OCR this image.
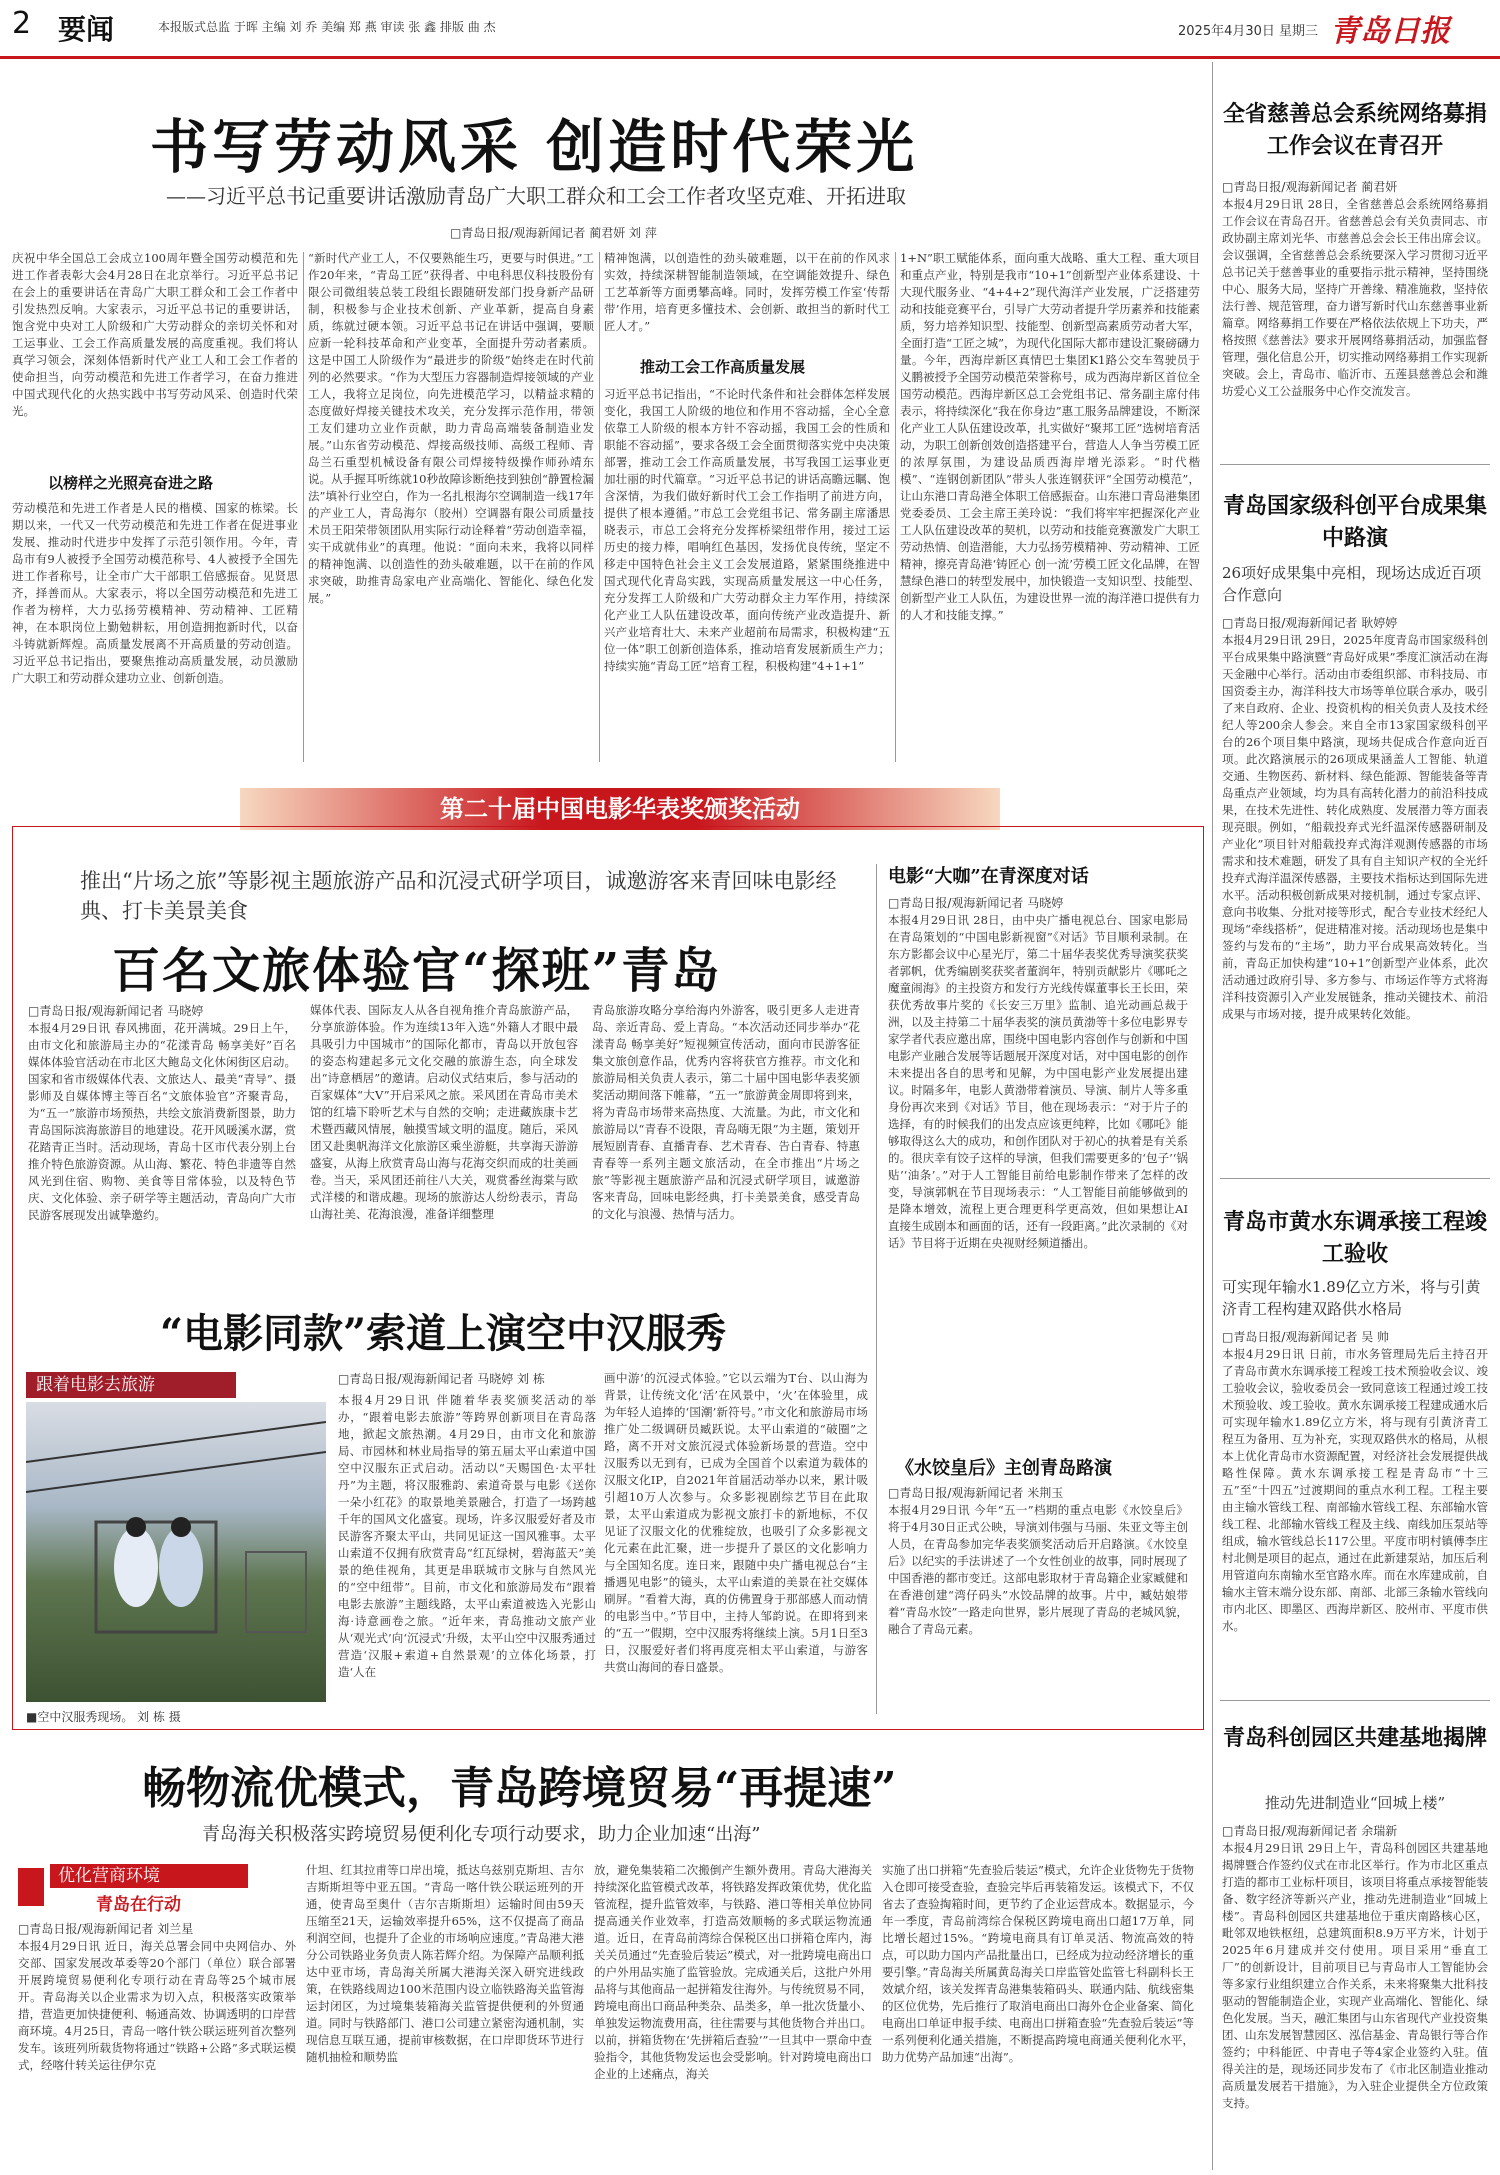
2 要闻	本报版式总监 于晖 主编 刘 乔 美编 郑 燕 审读 张 鑫 排版 曲 杰	2025年4月30日 星期三 青岛日报
书写劳动风采 创造时代荣光
——习近平总书记重要讲话激励青岛广大职工群众和工会工作者攻坚克难、开拓进取
□青岛日报/观海新闻记者 蔺君妍 刘 萍
庆祝中华全国总工会成立100周年暨全国劳动模范和先进工作者表彰大会4月28日在北京举行。习近平总书记在会上的重要讲话在青岛广大职工群众和工会工作者中引发热烈反响。大家表示，习近平总书记的重要讲话，饱含党中央对工人阶级和广大劳动群众的亲切关怀和对工运事业、工会工作高质量发展的高度重视。我们将认真学习领会，深刻体悟新时代产业工人和工会工作者的使命担当，向劳动模范和先进工作者学习，在奋力推进中国式现代化的火热实践中书写劳动风采、创造时代荣光。
以榜样之光照亮奋进之路
劳动模范和先进工作者是人民的楷模、国家的栋梁。长期以来，一代又一代劳动模范和先进工作者在促进事业发展、推动时代进步中发挥了示范引领作用。今年，青岛市有9人被授予全国劳动模范称号、4人被授予全国先进工作者称号，让全市广大干部职工倍感振奋。见贤思齐，择善而从。大家表示，将以全国劳动模范和先进工作者为榜样，大力弘扬劳模精神、劳动精神、工匠精神，在本职岗位上勤勉耕耘，用创造拥抱新时代，以奋斗铸就新辉煌。高质量发展离不开高质量的劳动创造。习近平总书记指出，要聚焦推动高质量发展，动员激励广大职工和劳动群众建功立业、创新创造。
“新时代产业工人，不仅要熟能生巧，更要与时俱进。”工作20年来，“青岛工匠”获得者、中电科思仪科技股份有限公司微组装总装工段组长跟随研发部门投身新产品研制，积极参与企业技术创新、产业革新，提高自身素质，练就过硬本领。习近平总书记在讲话中强调，要顺应新一轮科技革命和产业变革，全面提升劳动者素质。这是中国工人阶级作为“最进步的阶级”始终走在时代前列的必然要求。“作为大型压力容器制造焊接领域的产业工人，我将立足岗位，向先进模范学习，以精益求精的态度做好焊接关键技术攻关，充分发挥示范作用，带领工友们建功立业作贡献，助力青岛高端装备制造业发展。”山东省劳动模范、焊接高级技师、高级工程师、青岛兰石重型机械设备有限公司焊接特级操作师孙靖东说。从手握耳听练就10秒故障诊断绝技到独创“静置检漏法”填补行业空白，作为一名扎根海尔空调制造一线17年的产业工人，青岛海尔（胶州）空调器有限公司质量技术员王阳荣带领团队用实际行动诠释着“劳动创造幸福，实干成就伟业”的真理。他说：“面向未来，我将以同样的精神饱满、以创造性的劲头破难题，以干在前的作风求突破，助推青岛家电产业高端化、智能化、绿色化发展。”
精神饱满，以创造性的劲头破难题，以干在前的作风求实效，持续深耕智能制造领域，在空调能效提升、绿色工艺革新等方面勇攀高峰。同时，发挥劳模工作室‘传帮带’作用，培育更多懂技术、会创新、敢担当的新时代工匠人才。”
推动工会工作高质量发展
习近平总书记指出，“不论时代条件和社会群体怎样发展变化，我国工人阶级的地位和作用不容动摇，全心全意依靠工人阶级的根本方针不容动摇，我国工会的性质和职能不容动摇”，要求各级工会全面贯彻落实党中央决策部署，推动工会工作高质量发展，书写我国工运事业更加壮丽的时代篇章。“习近平总书记的讲话高瞻远瞩、饱含深情，为我们做好新时代工会工作指明了前进方向，提供了根本遵循。”市总工会党组书记、常务副主席潘思晓表示，市总工会将充分发挥桥梁纽带作用，接过工运历史的接力棒，唱响红色基因，发扬优良传统，坚定不移走中国特色社会主义工会发展道路，紧紧围绕推进中国式现代化青岛实践，实现高质量发展这一中心任务，充分发挥工人阶级和广大劳动群众主力军作用，持续深化产业工人队伍建设改革，面向传统产业改造提升、新兴产业培育壮大、未来产业超前布局需求，积极构建“五位一体”职工创新创造体系，推动培育发展新质生产力；持续实施“青岛工匠”培育工程，积极构建“4+1+1”
1+N”职工赋能体系，面向重大战略、重大工程、重大项目和重点产业，特别是我市“10+1”创新型产业体系建设、十大现代服务业、“4+4+2”现代海洋产业发展，广泛搭建劳动和技能竞赛平台，引导广大劳动者提升学历素养和技能素质，努力培养知识型、技能型、创新型高素质劳动者大军，全面打造“工匠之城”，为现代化国际大都市建设汇聚磅礴力量。今年，西海岸新区真情巴士集团K1路公交车驾驶员于义鹏被授予全国劳动模范荣誉称号，成为西海岸新区首位全国劳动模范。西海岸新区总工会党组书记、常务副主席付伟表示，将持续深化“我在你身边”惠工服务品牌建设，不断深化产业工人队伍建设改革，扎实做好“聚邦工匠”选树培育活动，为职工创新创效创造搭建平台，营造人人争当劳模工匠的浓厚氛围，为建设品质西海岸增光添彩。“时代楷模”、“连钢创新团队”带头人张连钢获评“全国劳动模范”，让山东港口青岛港全体职工倍感振奋。山东港口青岛港集团党委委员、工会主席王美玲说：“我们将牢牢把握深化产业工人队伍建设改革的契机，以劳动和技能竞赛激发广大职工劳动热情、创造潜能，大力弘扬劳模精神、劳动精神、工匠精神，擦亮青岛港‘铸匠心 创一流’劳模工匠文化品牌，在智慧绿色港口的转型发展中，加快锻造一支知识型、技能型、创新型产业工人队伍，为建设世界一流的海洋港口提供有力的人才和技能支撑。”
第二十届中国电影华表奖颁奖活动
推出“片场之旅”等影视主题旅游产品和沉浸式研学项目，诚邀游客来青回味电影经典、打卡美景美食
百名文旅体验官“探班”青岛
□青岛日报/观海新闻记者 马晓婷
本报4月29日讯 春风拂面，花开满城。29日上午，由市文化和旅游局主办的“花漾青岛 畅享美好”百名媒体体验官活动在市北区大鲍岛文化休闲街区启动。国家和省市级媒体代表、文旅达人、最美“青导”、摄影师及自媒体博主等百名“文旅体验官”齐聚青岛，为“五一”旅游市场预热，共绘文旅消费新图景，助力青岛国际滨海旅游目的地建设。花开风暖溪水潺，赏花踏青正当时。活动现场，青岛十区市代表分别上台推介特色旅游资源。从山海、繁花、特色非遗等自然风光到住宿、购物、美食等目常体验，以及特色节庆、文化体验、亲子研学等主题活动，青岛向广大市民游客展现发出诚挚邀约。
媒体代表、国际友人从各自视角推介青岛旅游产品，分享旅游体验。作为连续13年入选“外籍人才眼中最具吸引力中国城市”的国际化都市，青岛以开放包容的姿态构建起多元文化交融的旅游生态，向全球发出“诗意栖居”的邀请。启动仪式结束后，参与活动的百家媒体“大V”开启采风之旅。采风团在青岛市美术馆的红墙下聆听艺术与自然的交响；走进藏族康卡艺术暨西藏风情展，触摸雪域文明的温度。随后，采风团又赴奥帆海洋文化旅游区乘坐游艇，共享海天游游盛宴，从海上欣赏青岛山海与花海交织而成的壮美画卷。当天，采风团还前往八大关，观赏番丝海棠与欧式洋楼的和谐成趣。现场的旅游达人纷纷表示，青岛山海社美、花海浪漫，准备详细整理
青岛旅游攻略分享给海内外游客，吸引更多人走进青岛、亲近青岛、爱上青岛。“本次活动还同步举办“花漾青岛 畅享美好”短视频宣传活动，面向市民游客征集文旅创意作品，优秀内容将获官方推荐。市文化和旅游局相关负责人表示，第二十届中国电影华表奖颁奖活动期间落下帷幕，“五一”旅游黄金周即将到来，将为青岛市场带来高热度、大流量。为此，市文化和旅游局以“青春不设限，青岛嗨无限”为主题，策划开展短剧青春、直播青春、艺术青春、告白青春、特惠青春等一系列主题文旅活动，在全市推出“片场之旅”等影视主题旅游产品和沉浸式研学项目，诚邀游客来青岛，回味电影经典，打卡美景美食，感受青岛的文化与浪漫、热情与活力。
“电影同款”索道上演空中汉服秀
跟着电影去旅游
■空中汉服秀现场。 刘 栋 摄
□青岛日报/观海新闻记者 马晓婷 刘 栋
本报4月29日讯 伴随着华表奖颁奖活动的举办，“跟着电影去旅游”等跨界创新项目在青岛落地，掀起文旅热潮。4月29日，由市文化和旅游局、市园林和林业局指导的第五届太平山索道中国空中汉服东正式启动。活动以“天赐国色·太平牡丹”为主题，将汉服雅韵、索道奇景与电影《送你一朵小红花》的取景地美景融合，打造了一场跨越千年的国风文化盛宴。现场，许多汉服爱好者及市民游客齐聚太平山，共同见证这一国风雅事。太平山索道不仅拥有欣赏青岛“红瓦绿树，碧海蓝天”美景的绝佳视角，其更是串联城市文脉与自然风光的“空中纽带”。目前，市文化和旅游局发布“跟着电影去旅游”主题线路，太平山索道被选入光影山海·诗意画卷之旅。“近年来，青岛推动文旅产业从‘观光式’向‘沉浸式’升级，太平山空中汉服秀通过营造‘汉服+索道+自然景观’的立体化场景，打造‘人在
画中游’的沉浸式体验。”它以云端为T台、以山海为背景，让传统文化‘活’在风景中，‘火’在体验里，成为年轻人追捧的‘国潮’新符号。”市文化和旅游局市场推广处二级调研员臧跃说。太平山索道的“破圈”之路，离不开对文旅沉浸式体验新场景的营造。空中汉服秀以无到有，已成为全国首个以索道为载体的汉服文化IP，自2021年首届活动举办以来，累计吸引超10万人次参与。众多影视剧综艺节目在此取景，太平山索道成为影视文旅打卡的新地标，不仅见证了汉服文化的优雅绽放，也吸引了众多影视文化元素在此汇聚，进一步提升了景区的文化影响力与全国知名度。连日来，跟随中央广播电视总台“主播遇见电影”的镜头，太平山索道的美景在社交媒体刷屏。“看着大海，真的仿佛置身于那部感人而动情的电影当中。”节目中，主持人邹韵说。在即将到来的“五一”假期，空中汉服秀将继续上演。5月1日至3日，汉服爱好者们将再度亮相太平山索道，与游客共赏山海间的春日盛景。
电影“大咖”在青深度对话
□青岛日报/观海新闻记者 马晓婷
本报4月29日讯 28日，由中央广播电视总台、国家电影局在青岛策划的“中国电影新视窗”《对话》节目顺利录制。在东方影都会议中心星光厅，第二十届华表奖优秀导演奖获奖者郭帆，优秀编剧奖获奖者董润年，特别贡献影片《哪吒之魔童闹海》的主投资方和发行方光线传媒董事长王长田，荣获优秀故事片奖的《长安三万里》监制、追光动画总裁于洲，以及主持第二十届华表奖的演员黄渤等十多位电影界专家学者代表应邀出席，围绕中国电影内容创作与创新和中国电影产业融合发展等话题展开深度对话，对中国电影的创作未来提出各自的思考和见解，为中国电影产业发展提出建议。时隔多年，电影人黄渤带着演员、导演、制片人等多重身份再次来到《对话》节目，他在现场表示：“对于片子的选择，有的时候我们的出发点应该更纯粹，比如《哪吒》能够取得这么大的成功，和创作团队对于初心的执着是有关系的。很庆幸有饺子这样的导演，但我们需要更多的‘包子’‘锅贴’‘油条’。”对于人工智能目前给电影制作带来了怎样的改变，导演郭帆在节目现场表示：“人工智能目前能够做到的是降本增效，流程上更合理更科学更高效，但如果想让AI直接生成剧本和画面的话，还有一段距离。”此次录制的《对话》节目将于近期在央视财经频道播出。
《水饺皇后》主创青岛路演
□青岛日报/观海新闻记者 米荆玉
本报4月29日讯 今年“五一”档期的重点电影《水饺皇后》将于4月30日正式公映，导演刘伟强与马丽、朱亚文等主创人员，在青岛参加完华表奖颁奖活动后开启路演。《水饺皇后》以纪实的手法讲述了一个女性创业的故事，同时展现了中国香港的都市变迁。这部电影取材于青岛籍企业家臧健和在香港创建“湾仔码头”水饺品牌的故事。片中，臧姑娘带着“青岛水饺”一路走向世界，影片展现了青岛的老城风貌，融合了青岛元素。
畅物流优模式，青岛跨境贸易“再提速”
青岛海关积极落实跨境贸易便利化专项行动要求，助力企业加速“出海”
优化营商环境
青岛在行动
□青岛日报/观海新闻记者 刘兰星
本报4月29日讯 近日，海关总署会同中央网信办、外交部、国家发展改革委等20个部门（单位）联合部署开展跨境贸易便利化专项行动在青岛等25个城市展开。青岛海关以企业需求为切入点，积极落实政策举措，营造更加快捷便利、畅通高效、协调透明的口岸营商环境。4月25日，青岛一喀什铁公联运班列首次整列发车。该班列所载货物将通过“铁路+公路”多式联运模式，经喀什转关运往伊尔克
什坦、红其拉甫等口岸出境，抵达乌兹别克斯坦、吉尔吉斯斯坦等中亚五国。“青岛一喀什铁公联运班列的开通，使青岛至奥什（吉尔吉斯斯坦）运输时间由59天压缩至21天，运输效率提升65%，这不仅提高了商品利润空间，也提升了企业的市场响应速度。”青岛港大港分公司铁路业务负责人陈若辉介绍。为保障产品顺利抵达中亚市场，青岛海关所属大港海关深入研究进线政策，在铁路线周边100米范围内设立临铁路海关监管海运封闭区，为过境集装箱海关监管提供便利的外贸通道。同时与铁路部门、港口公司建立紧密沟通机制，实现信息互联互通，提前审核数据，在口岸即货环节进行随机抽检和顺势监
放，避免集装箱二次搬倒产生额外费用。青岛大港海关持续深化监管模式改革，将铁路发挥政策优势，优化监管流程，提升监管效率，与铁路、港口等相关单位协同提高通关作业效率，打造高效顺畅的多式联运物流通道。近日，在青岛前湾综合保税区出口拼箱仓库内，海关关员通过“先查验后装运”模式，对一批跨境电商出口的户外用品实施了监管验放。完成通关后，这批户外用品将与其他商品一起拼箱发往海外。与传统贸易不同，跨境电商出口商品种类杂、品类多，单一批次货量小、单独发运物流费用高，往往需要与其他货物合并出口。以前，拼箱货物在‘先拼箱后查验’”一旦其中一票命中查验指令，其他货物发运也会受影响。针对跨境电商出口企业的上述痛点，海关
实施了出口拼箱“先查验后装运”模式，允许企业货物先于货物入仓即可接受查验，查验完毕后再装箱发运。该模式下，不仅省去了查验掏箱时间，更节约了企业运营成本。数据显示，今年一季度，青岛前湾综合保税区跨境电商出口超17万单，同比增长超过15%。“跨境电商具有订单灵活、物流高效的特点，可以助力国内产品批量出口，已经成为拉动经济增长的重要引擎。”青岛海关所属黄岛海关口岸监管处监管七科副科长王效斌介绍，该关发挥青岛港集装箱码头、联通内陆、航线密集的区位优势，先后推行了取消电商出口海外仓企业备案、简化电商出口单证申报手续、电商出口拼箱查验“先查验后装运”等一系列便利化通关措施，不断提高跨境电商通关便利化水平，助力优势产品加速“出海”。
全省慈善总会系统网络募捐工作会议在青召开
□青岛日报/观海新闻记者 蔺君妍
本报4月29日讯 28日，全省慈善总会系统网络募捐工作会议在青岛召开。省慈善总会有关负责同志、市政协副主席刘光华、市慈善总会会长王伟出席会议。会议强调，全省慈善总会系统要深入学习贯彻习近平总书记关于慈善事业的重要指示批示精神，坚持围绕中心、服务大局，坚持广开善缘、精准施救，坚持依法行善、规范管理，奋力谱写新时代山东慈善事业新篇章。网络募捐工作要在严格依法依规上下功夫，严格按照《慈善法》要求开展网络募捐活动，加强监督管理，强化信息公开，切实推动网络募捐工作实现新突破。会上，青岛市、临沂市、五莲县慈善总会和潍坊爱心义工公益服务中心作交流发言。
青岛国家级科创平台成果集中路演
26项好成果集中亮相，现场达成近百项合作意向
□青岛日报/观海新闻记者 耿婷婷
本报4月29日讯 29日，2025年度青岛市国家级科创平台成果集中路演暨“青岛好成果”季度汇演活动在海天金融中心举行。活动由市委组织部、市科技局、市国资委主办，海洋科技大市场等单位联合承办，吸引了来自政府、企业、投资机构的相关负责人及技术经纪人等200余人参会。来自全市13家国家级科创平台的26个项目集中路演，现场共促成合作意向近百项。此次路演展示的26项成果涵盖人工智能、轨道交通、生物医药、新材料、绿色能源、智能装备等青岛重点产业领域，均为具有高转化潜力的前沿科技成果，在技术先进性、转化成熟度、发展潜力等方面表现亮眼。例如，“船载投弃式光纤温深传感器研制及产业化”项目针对船载投弃式海洋观测传感器的市场需求和技术难题，研发了具有自主知识产权的全光纤投弃式海洋温深传感器，主要技术指标达到国际先进水平。活动积极创新成果对接机制，通过专家点评、意向书收集、分批对接等形式，配合专业技术经纪人现场“牵线搭桥”，促进精准对接。活动现场也是集中签约与发布的“主场”，助力平台成果高效转化。当前，青岛正加快构建“10+1”创新型产业体系，此次活动通过政府引导、多方参与、市场运作等方式将海洋科技资源引入产业发展链条，推动关键技术、前沿成果与市场对接，提升成果转化效能。
青岛市黄水东调承接工程竣工验收
可实现年输水1.89亿立方米，将与引黄济青工程构建双路供水格局
□青岛日报/观海新闻记者 吴 帅
本报4月29日讯 日前，市水务管理局先后主持召开了青岛市黄水东调承接工程竣工技术预验收会议、竣工验收会议，验收委员会一致同意该工程通过竣工技术预验收、竣工验收。黄水东调承接工程建成通水后可实现年输水1.89亿立方米，将与现有引黄济青工程互为备用、互为补充，实现双路供水的格局，从根本上优化青岛市水资源配置，对经济社会发展提供战略性保障。黄水东调承接工程是青岛市“十三五”至“十四五”过渡期间的重点水利工程。工程主要由主输水管线工程、南部输水管线工程、东部输水管线工程、北部输水管线工程及主线、南线加压泵站等组成，输水管线总长117公里。平度市明村镇傅李庄村北侧是项目的起点，通过在此新建泵站，加压后利用管道向东南输水至官路水库。而在水库建成前，自输水主管末端分设东部、南部、北部三条输水管线向市内北区、即墨区、西海岸新区、胶州市、平度市供水。
青岛科创园区共建基地揭牌
推动先进制造业“回城上楼”
□青岛日报/观海新闻记者 余瑞新
本报4月29日讯 29日上午，青岛科创园区共建基地揭牌暨合作签约仪式在市北区举行。作为市北区重点打造的都市工业标杆项目，该项目将重点承接智能装备、数字经济等新兴产业，推动先进制造业“回城上楼”。青岛科创园区共建基地位于重庆南路核心区，毗邻双地铁枢纽，总建筑面积8.9万平方米，计划于2025年6月建成并交付使用。项目采用“垂直工厂”的创新设计，目前项目已与青岛市人工智能协会等多家行业组织建立合作关系，未来将聚集大批科技驱动的智能制造企业，实现产业高端化、智能化、绿色化发展。当天，融汇集团与山东省现代产业投资集团、山东发展智慧园区、泓信基金、青岛银行等合作签约；中科能匠、中青电子等4家企业签约入驻。值得关注的是，现场还同步发布了《市北区制造业推动高质量发展若干措施》，为入驻企业提供全方位政策支持。
